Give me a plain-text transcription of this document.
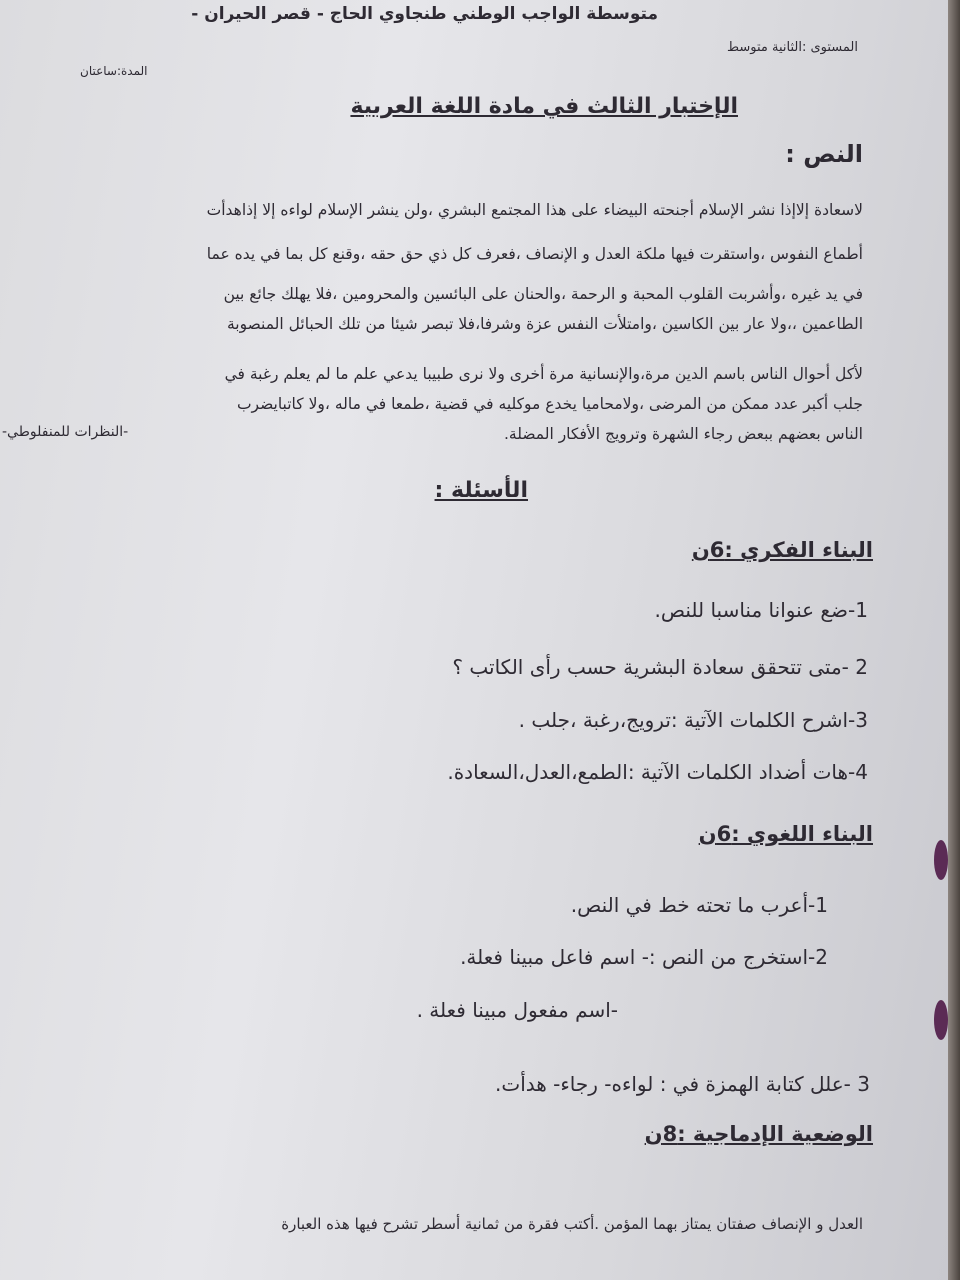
متوسطة الواجب الوطني طنجاوي الحاج - قصر الحيران -
المستوى :الثانية متوسط
المدة:ساعتان
الإختبار الثالث في مادة اللغة العربية
النص :
لاسعادة إلاإذا نشر الإسلام أجنحته البيضاء على هذا المجتمع البشري ،ولن ينشر الإسلام لواءه إلا إذاهدأت
أطماع النفوس ،واستقرت فيها ملكة العدل و الإنصاف ،فعرف كل ذي حق حقه ،وقنع كل بما في يده عما
في يد غيره ،وأشربت القلوب المحبة و الرحمة ،والحنان على البائسين والمحرومين ،فلا يهلك جائع بين
الطاعمين ،،ولا عار بين الكاسين ،وامتلأت النفس عزة وشرفا،فلا تبصر شيئا من تلك الحبائل المنصوبة
لأكل أحوال الناس باسم الدين مرة،والإنسانية مرة أخرى ولا نرى طبيبا يدعي علم ما لم يعلم رغبة في
جلب أكبر عدد ممكن من المرضى ،ولامحاميا يخدع موكليه في قضية ،طمعا في ماله ،ولا كاتبايضرب
الناس بعضهم ببعض رجاء الشهرة وترويج الأفكار المضلة.
-النظرات للمنفلوطي-
الأسئلة :
البناء الفكري :6ن
1-ضع عنوانا مناسبا للنص.
2 -متى تتحقق سعادة البشرية حسب رأى الكاتب ؟
3-اشرح الكلمات الآتية :ترويج،رغبة ،جلب .
4-هات أضداد الكلمات الآتية :الطمع،العدل،السعادة.
البناء اللغوي :6ن
1-أعرب ما تحته خط في النص.
2-استخرج من النص :- اسم فاعل مبينا فعلة.
-اسم مفعول مبينا فعلة .
3 -علل كتابة الهمزة في : لواءه- رجاء- هدأت.
الوضعية الإدماجية :8ن
العدل و الإنصاف صفتان يمتاز بهما المؤمن .أكتب فقرة من ثمانية أسطر تشرح فيها هذه العبارة
